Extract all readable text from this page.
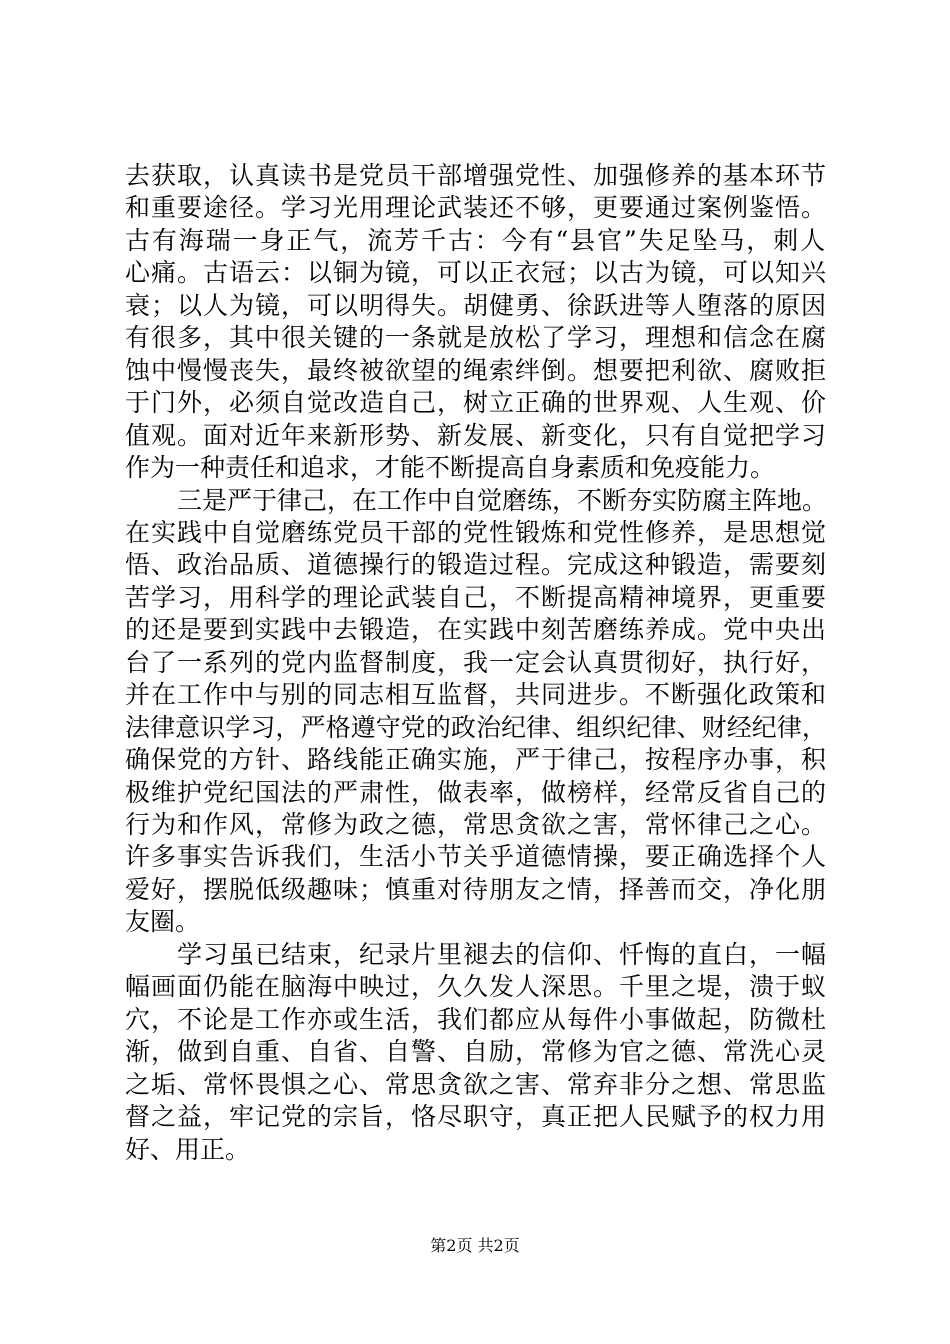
去获取，认真读书是党员干部增强党性、加强修养的基本环节
和重要途径。学习光用理论武装还不够，更要通过案例鉴悟。
古有海瑞一身正气，流芳千古：今有“县官”失足坠马，刺人
心痛。古语云：以铜为镜，可以正衣冠；以古为镜，可以知兴
衰；以人为镜，可以明得失。胡健勇、徐跃进等人堕落的原因
有很多，其中很关键的一条就是放松了学习，理想和信念在腐
蚀中慢慢丧失，最终被欲望的绳索绊倒。想要把利欲、腐败拒
于门外，必须自觉改造自己，树立正确的世界观、人生观、价
值观。面对近年来新形势、新发展、新变化，只有自觉把学习
作为一种责任和追求，才能不断提高自身素质和免疫能力。
三是严于律己，在工作中自觉磨练，不断夯实防腐主阵地。
在实践中自觉磨练党员干部的党性锻炼和党性修养，是思想觉
悟、政治品质、道德操行的锻造过程。完成这种锻造，需要刻
苦学习，用科学的理论武装自己，不断提高精神境界，更重要
的还是要到实践中去锻造，在实践中刻苦磨练养成。党中央出
台了一系列的党内监督制度，我一定会认真贯彻好，执行好，
并在工作中与别的同志相互监督，共同进步。不断强化政策和
法律意识学习，严格遵守党的政治纪律、组织纪律、财经纪律，
确保党的方针、路线能正确实施，严于律己，按程序办事，积
极维护党纪国法的严肃性，做表率，做榜样，经常反省自己的
行为和作风，常修为政之德，常思贪欲之害，常怀律己之心。
许多事实告诉我们，生活小节关乎道德情操，要正确选择个人
爱好，摆脱低级趣味；慎重对待朋友之情，择善而交，净化朋
友圈。
学习虽已结束，纪录片里褪去的信仰、忏悔的直白，一幅
幅画面仍能在脑海中映过，久久发人深思。千里之堤，溃于蚁
穴，不论是工作亦或生活，我们都应从每件小事做起，防微杜
渐，做到自重、自省、自警、自励，常修为官之德、常洗心灵
之垢、常怀畏惧之心、常思贪欲之害、常弃非分之想、常思监
督之益，牢记党的宗旨，恪尽职守，真正把人民赋予的权力用
好、用正。
第2页 共2页
